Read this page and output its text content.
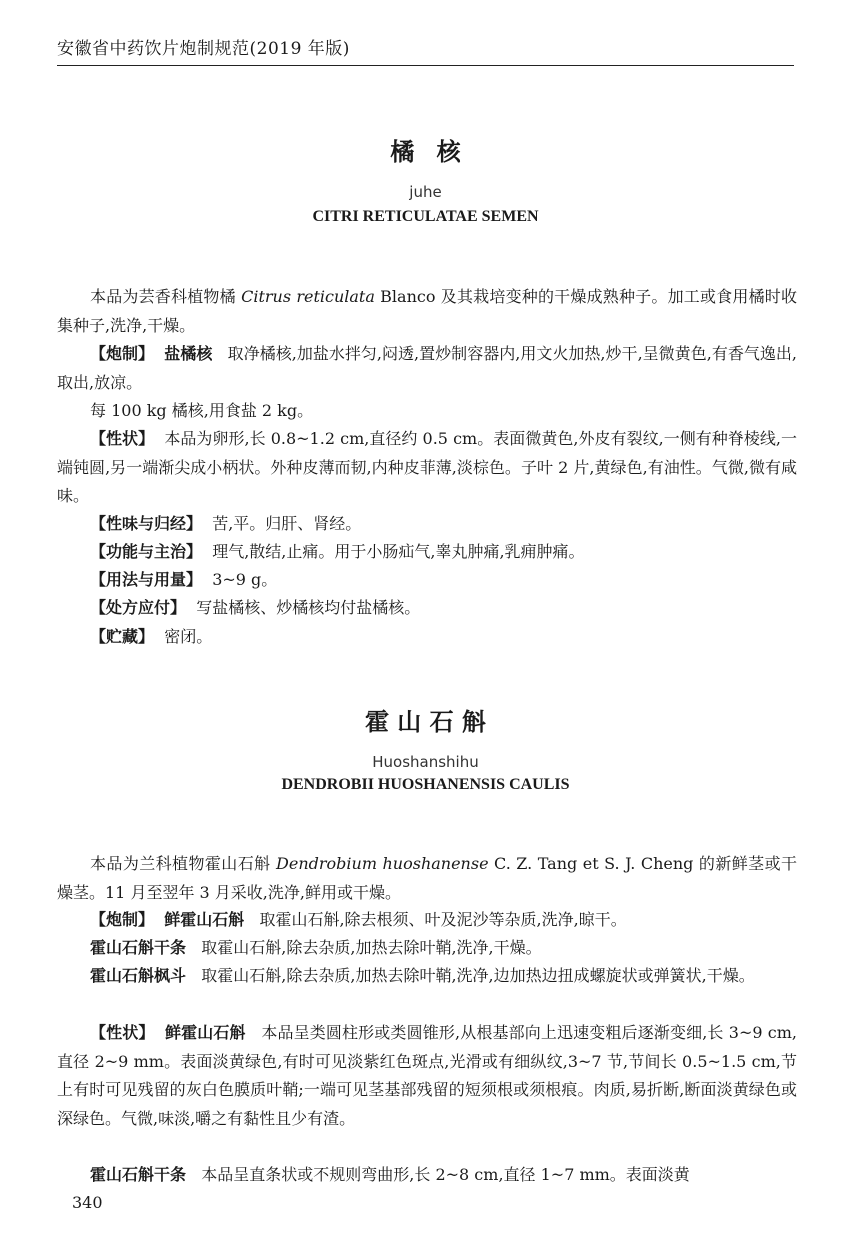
安徽省中药饮片炮制规范(2019 年版)
橘 核
juhe
CITRI RETICULATAE SEMEN
本品为芸香科植物橘 Citrus reticulata Blanco 及其栽培变种的干燥成熟种子。加工或食用橘时收集种子,洗净,干燥。
【炮制】 盐橘核 取净橘核,加盐水拌匀,闷透,置炒制容器内,用文火加热,炒干,呈微黄色,有香气逸出,取出,放凉。
每 100 kg 橘核,用食盐 2 kg。
【性状】 本品为卵形,长 0.8~1.2 cm,直径约 0.5 cm。表面微黄色,外皮有裂纹,一侧有种脊棱线,一端钝圆,另一端渐尖成小柄状。外种皮薄而韧,内种皮菲薄,淡棕色。子叶 2 片,黄绿色,有油性。气微,微有咸味。
【性味与归经】 苦,平。归肝、肾经。
【功能与主治】 理气,散结,止痛。用于小肠疝气,睾丸肿痛,乳痈肿痛。
【用法与用量】 3~9 g。
【处方应付】 写盐橘核、炒橘核均付盐橘核。
【贮藏】 密闭。
霍 山 石 斛
Huoshanshihu
DENDROBII HUOSHANENSIS CAULIS
本品为兰科植物霍山石斛 Dendrobium huoshanense C. Z. Tang et S. J. Cheng 的新鲜茎或干燥茎。11 月至翌年 3 月采收,洗净,鲜用或干燥。
【炮制】 鲜霍山石斛 取霍山石斛,除去根须、叶及泥沙等杂质,洗净,晾干。
霍山石斛干条 取霍山石斛,除去杂质,加热去除叶鞘,洗净,干燥。
霍山石斛枫斗 取霍山石斛,除去杂质,加热去除叶鞘,洗净,边加热边扭成螺旋状或弹簧状,干燥。
【性状】 鲜霍山石斛 本品呈类圆柱形或类圆锥形,从根基部向上迅速变粗后逐渐变细,长 3~9 cm,直径 2~9 mm。表面淡黄绿色,有时可见淡紫红色斑点,光滑或有细纵纹,3~7 节,节间长 0.5~1.5 cm,节上有时可见残留的灰白色膜质叶鞘;一端可见茎基部残留的短须根或须根痕。肉质,易折断,断面淡黄绿色或深绿色。气微,味淡,嚼之有黏性且少有渣。
霍山石斛干条 本品呈直条状或不规则弯曲形,长 2~8 cm,直径 1~7 mm。表面淡黄
340
